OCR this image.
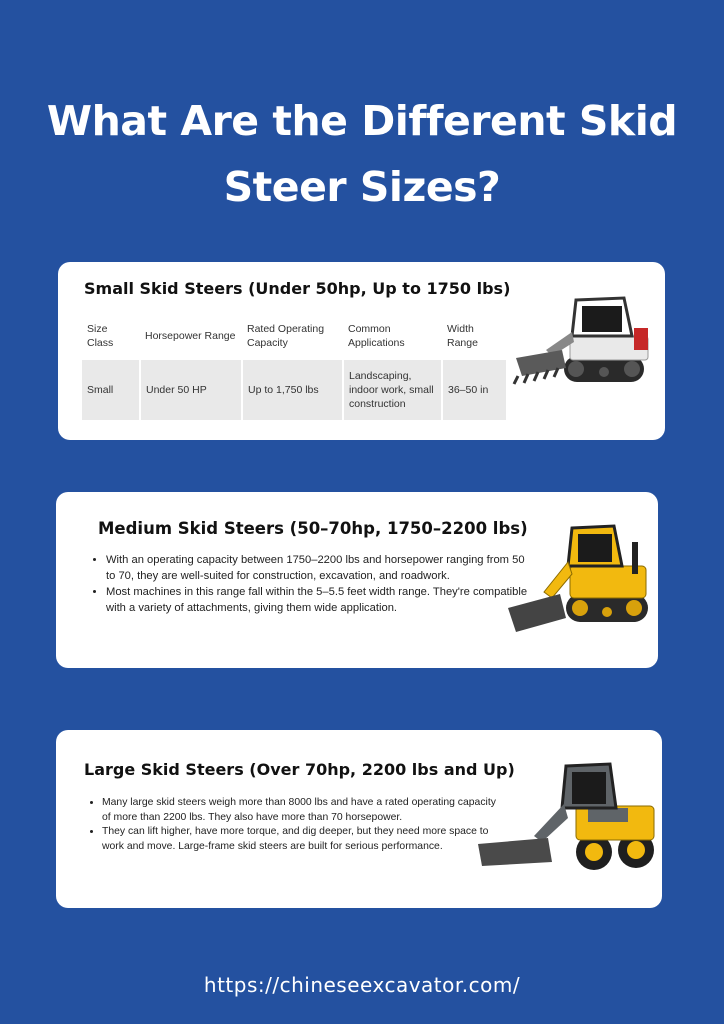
What Are the Different Skid
Steer Sizes?
Small Skid Steers (Under 50hp, Up to 1750 lbs)
Size Class	Horsepower Range	Rated Operating Capacity	Common Applications	Width Range
Small	Under 50 HP	Up to 1,750 lbs	Landscaping, indoor work, small construction	36–50 in
Medium Skid Steers (50–70hp, 1750–2200 lbs)
• With an operating capacity between 1750–2200 lbs and horsepower ranging from 50 to 70, they are well-suited for construction, excavation, and roadwork.
• Most machines in this range fall within the 5–5.5 feet width range. They're compatible with a variety of attachments, giving them wide application.
Large Skid Steers (Over 70hp, 2200 lbs and Up)
• Many large skid steers weigh more than 8000 lbs and have a rated operating capacity of more than 2200 lbs. They also have more than 70 horsepower.
• They can lift higher, have more torque, and dig deeper, but they need more space to work and move. Large-frame skid steers are built for serious performance.
https://chineseexcavator.com/
